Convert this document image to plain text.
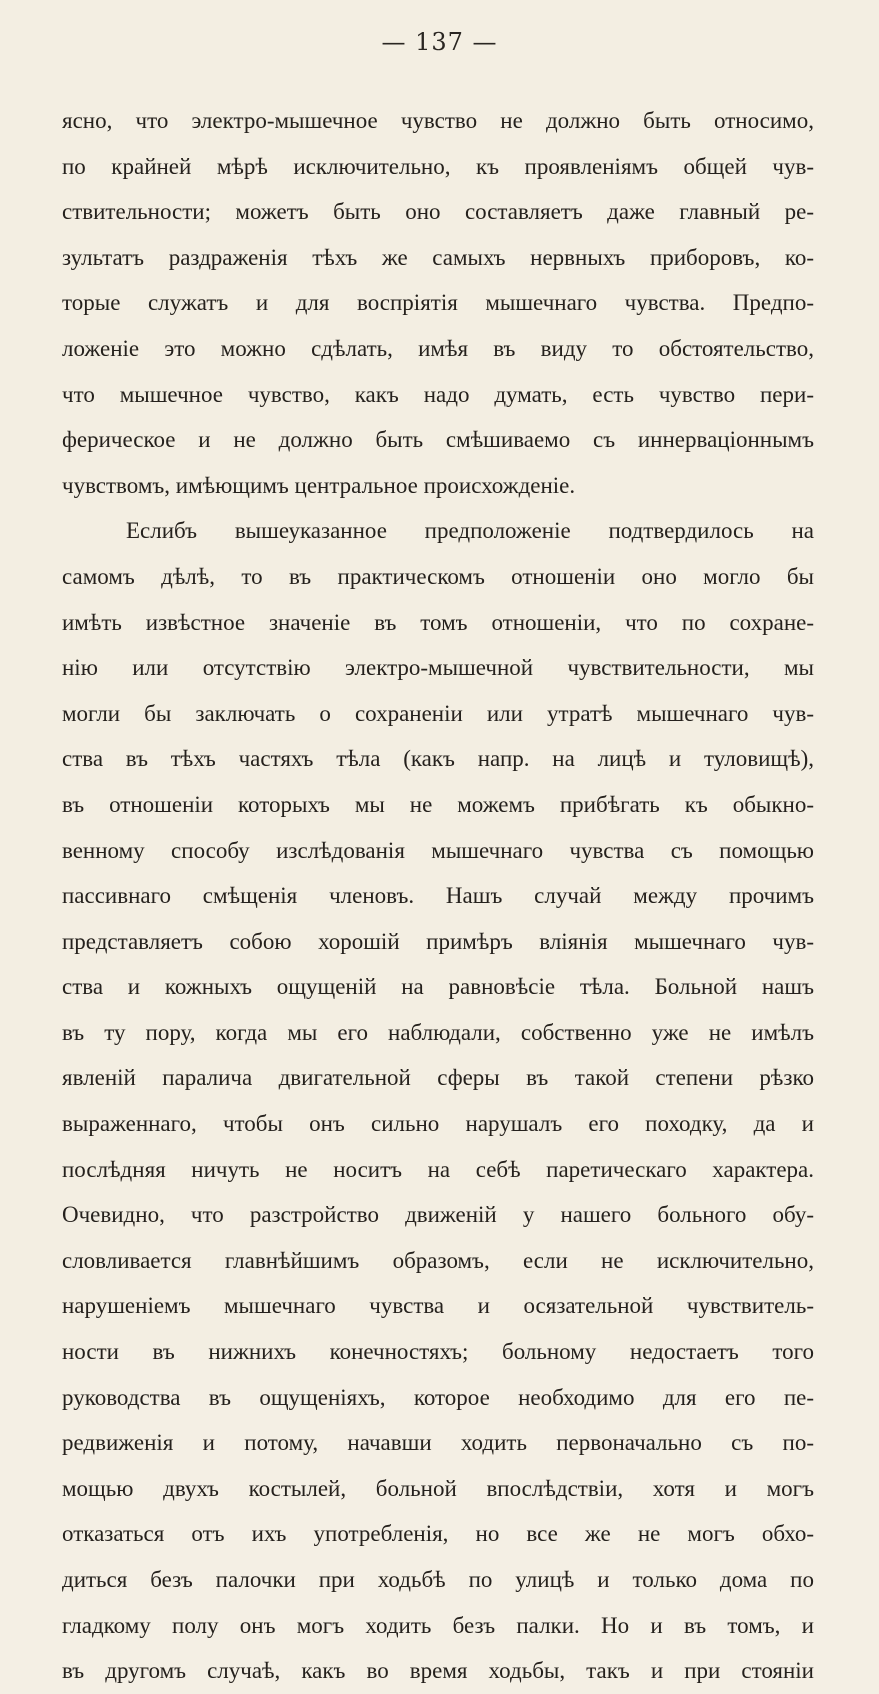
— 137 —
ясно, что электро-мышечное чувство не должно быть относимо,
по крайней мѣрѣ исключительно, къ проявленіямъ общей чув-
ствительности; можетъ быть оно составляетъ даже главный ре-
зультатъ раздраженія тѣхъ же самыхъ нервныхъ приборовъ, ко-
торые служатъ и для воспріятія мышечнаго чувства. Предпо-
ложеніе это можно сдѣлать, имѣя въ виду то обстоятельство,
что мышечное чувство, какъ надо думать, есть чувство пери-
ферическое и не должно быть смѣшиваемо съ иннерваціоннымъ
чувствомъ, имѣющимъ центральное происхожденіе.
Еслибъ вышеуказанное предположеніе подтвердилось на
самомъ дѣлѣ, то въ практическомъ отношеніи оно могло бы
имѣть извѣстное значеніе въ томъ отношеніи, что по сохране-
нію или отсутствію электро-мышечной чувствительности, мы
могли бы заключать о сохраненіи или утратѣ мышечнаго чув-
ства въ тѣхъ частяхъ тѣла (какъ напр. на лицѣ и туловищѣ),
въ отношеніи которыхъ мы не можемъ прибѣгать къ обыкно-
венному способу изслѣдованія мышечнаго чувства съ помощью
пассивнаго смѣщенія членовъ. Нашъ случай между прочимъ
представляетъ собою хорошій примѣръ вліянія мышечнаго чув-
ства и кожныхъ ощущеній на равновѣсіе тѣла. Больной нашъ
въ ту пору, когда мы его наблюдали, собственно уже не имѣлъ
явленій паралича двигательной сферы въ такой степени рѣзко
выраженнаго, чтобы онъ сильно нарушалъ его походку, да и
послѣдняя ничуть не носитъ на себѣ паретическаго характера.
Очевидно, что разстройство движеній у нашего больного обу-
словливается главнѣйшимъ образомъ, если не исключительно,
нарушеніемъ мышечнаго чувства и осязательной чувствитель-
ности въ нижнихъ конечностяхъ; больному недостаетъ того
руководства въ ощущеніяхъ, которое необходимо для его пе-
редвиженія и потому, начавши ходить первоначально съ по-
мощью двухъ костылей, больной впослѣдствіи, хотя и могъ
отказаться отъ ихъ употребленія, но все же не могъ обхо-
диться безъ палочки при ходьбѣ по улицѣ и только дома по
гладкому полу онъ могъ ходить безъ палки. Но и въ томъ, и
въ другомъ случаѣ, какъ во время ходьбы, такъ и при стояніи
